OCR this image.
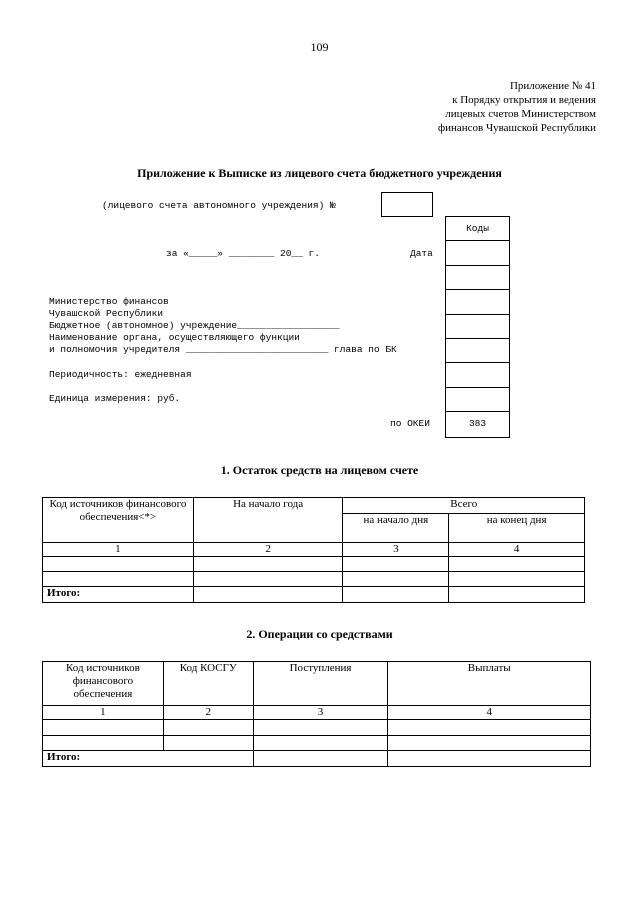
109
Приложение № 41
к Порядку открытия и ведения
лицевых счетов Министерством
финансов Чувашской Республики
Приложение к Выписке из лицевого счета бюджетного учреждения
(лицевого счета автономного учреждения) №
за «_____» ________ 20__ г.	Дата
Министерство финансов
Чувашской Республики
Бюджетное (автономное) учреждение__________________
Наименование органа, осуществляющего функции
и полномочия учредителя _________________________ глава по БК
Периодичность: ежедневная
Единица измерения: руб.
по ОКЕИ
Коды
383
1. Остаток средств на лицевом счете
Код источников финансового обеспечения<*>	На начало года	Всего	
		на начало дня	на конец дня
1	2	3	4

Итого:			
2. Операции со средствами
Код источников финансового обеспечения	Код КОСГУ	Поступления	Выплаты
1	2	3	4

Итого:			
